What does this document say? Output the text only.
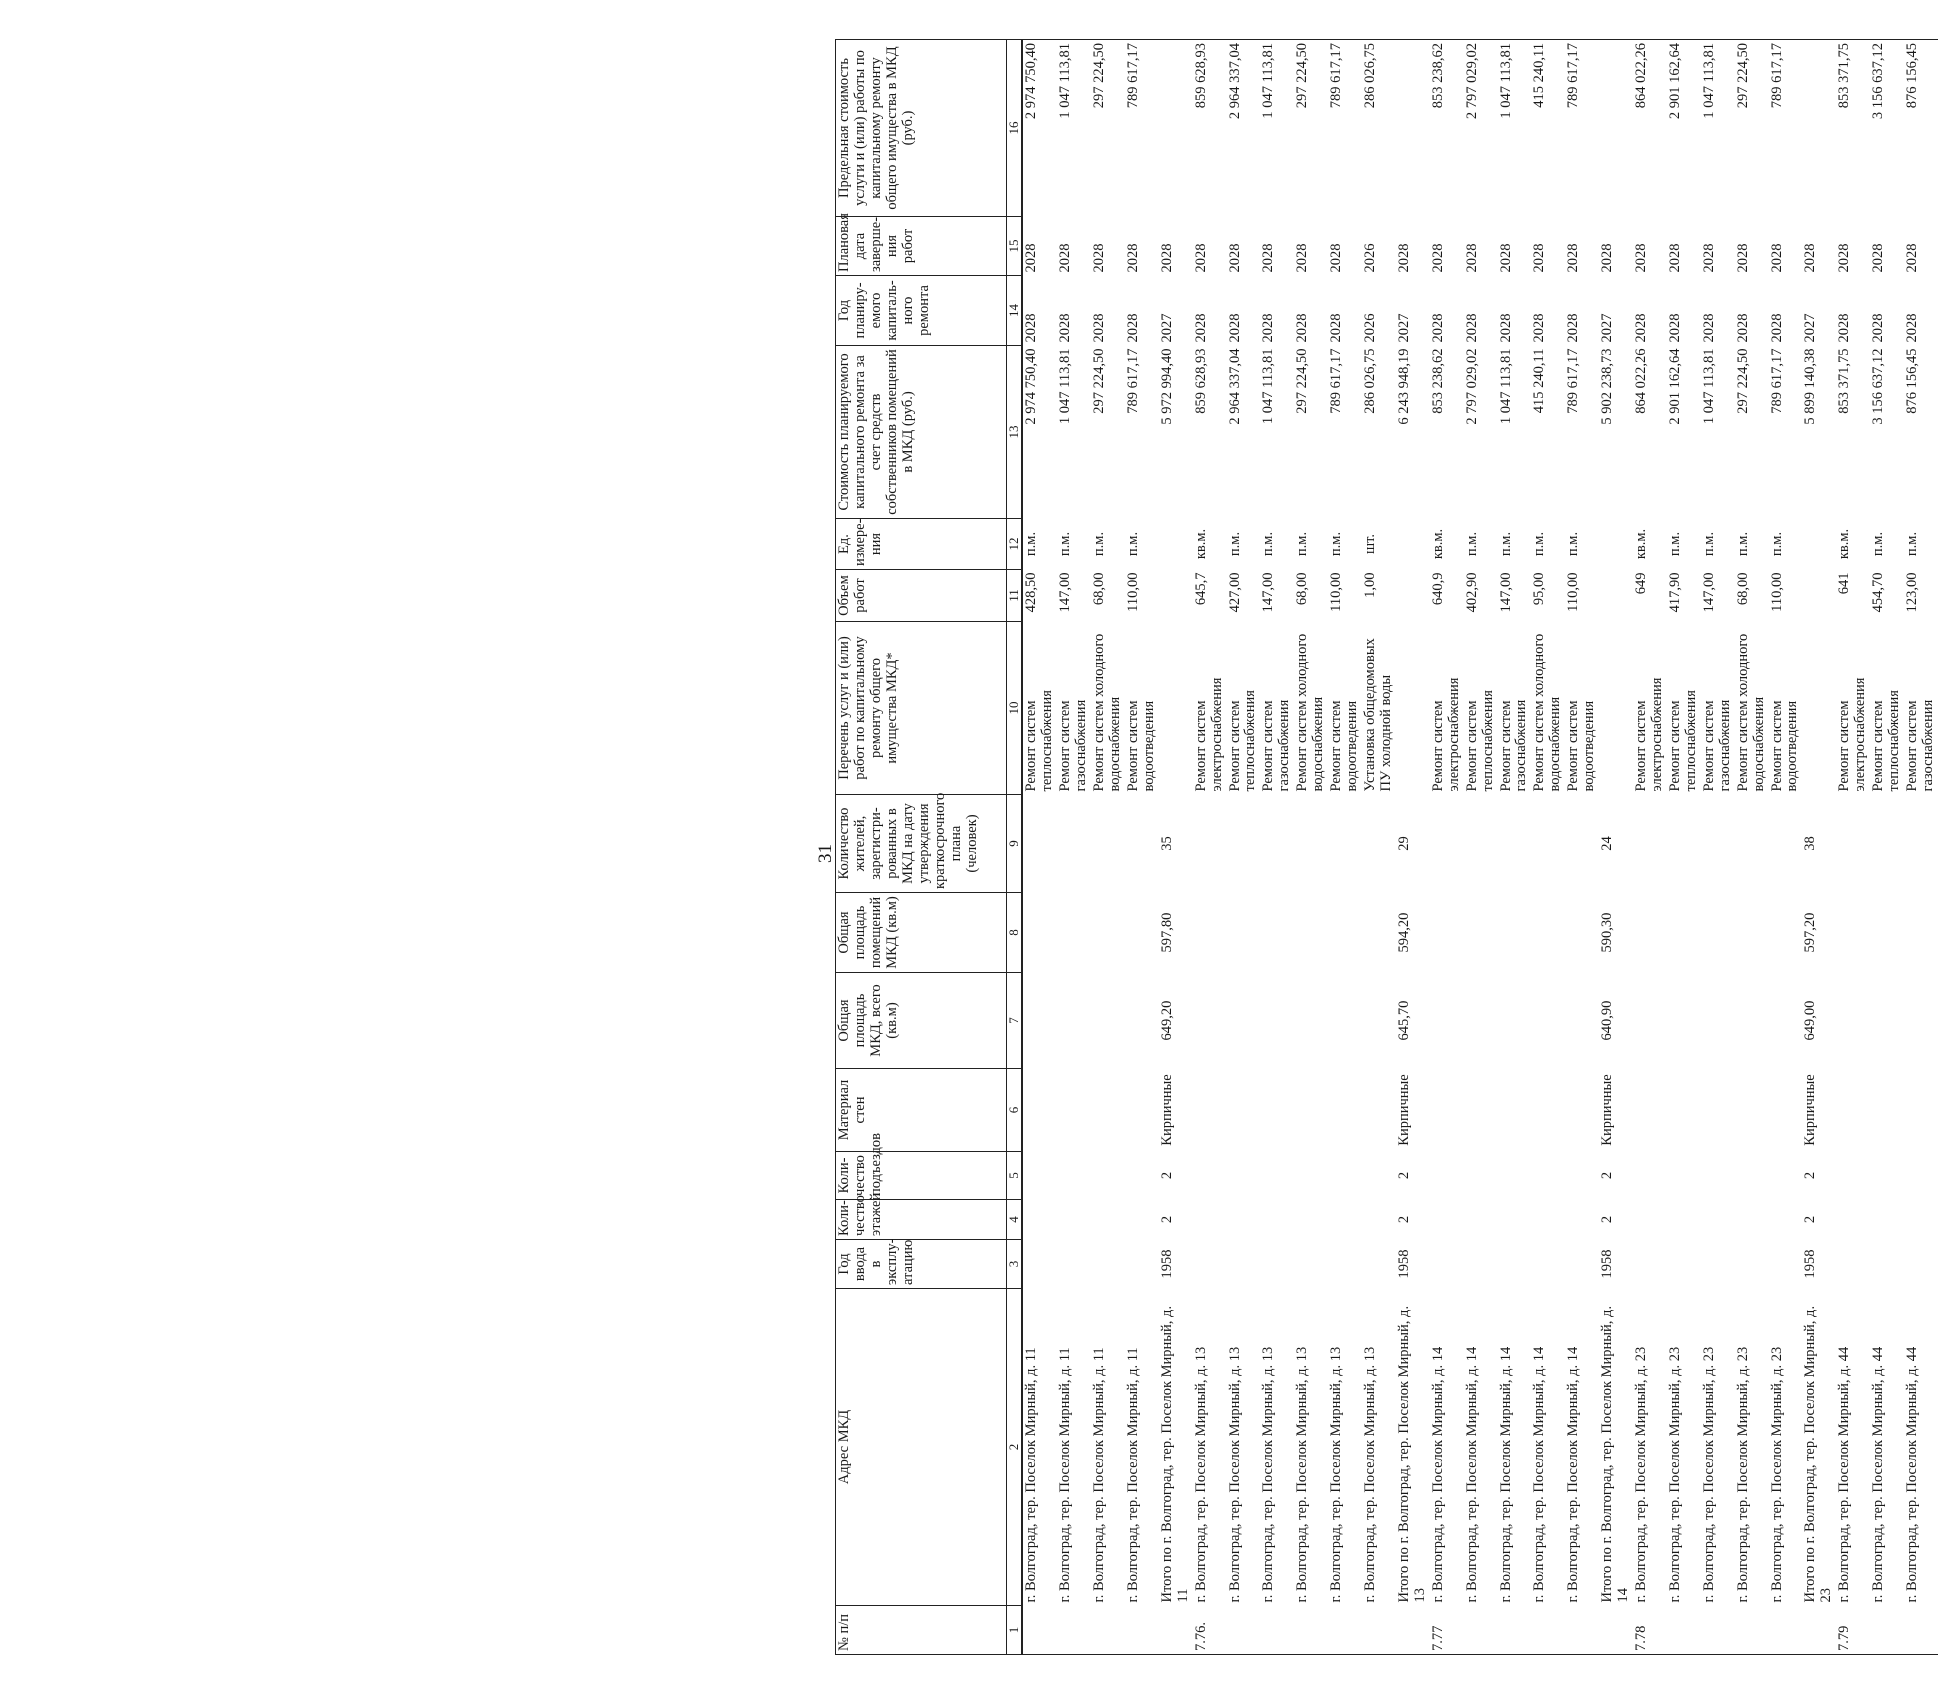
31
№ п/п	Адрес МКД	Год ввода в эксплу-атацию	Коли-чество этажей	Коли-чество подъездов	Материал стен	Общая площадь МКД, всего (кв.м)	Общая площадь помещений МКД (кв.м)	Количество жителей, зарегистри-рованных в МКД на дату утверждения краткосрочного плана (человек)	Перечень услуг и (или) работ по капитальному ремонту общего имущества МКД*	Объем работ	Ед. измере-ния	Стоимость планируемого капитального ремонта за счет средств собственников помещений в МКД (руб.)	Год планиру-емого капиталь-ного ремонта	Плановая дата заверше-ния работ	Предельная стоимость услуги и (или) работы по капитальному ремонту общего имущества в МКД (руб.)
1	2	3	4	5	6	7	8	9	10	11	12	13	14	15	16
	г. Волгоград, тер. Поселок Мирный, д. 11								Ремонт систем теплоснабжения	428,50	п.м.	2 974 750,40	2028	2028	2 974 750,40
	г. Волгоград, тер. Поселок Мирный, д. 11								Ремонт систем газоснабжения	147,00	п.м.	1 047 113,81	2028	2028	1 047 113,81
	г. Волгоград, тер. Поселок Мирный, д. 11								Ремонт систем холодного водоснабжения	68,00	п.м.	297 224,50	2028	2028	297 224,50
	г. Волгоград, тер. Поселок Мирный, д. 11								Ремонт систем водоотведения	110,00	п.м.	789 617,17	2028	2028	789 617,17
	Итого по г. Волгоград, тер. Поселок Мирный, д. 11	1958	2	2	Кирпичные	649,20	597,80	35				5 972 994,40	2027	2028	
7.76.	г. Волгоград, тер. Поселок Мирный, д. 13								Ремонт систем электроснабжения	645,7	кв.м.	859 628,93	2028	2028	859 628,93
	г. Волгоград, тер. Поселок Мирный, д. 13								Ремонт систем теплоснабжения	427,00	п.м.	2 964 337,04	2028	2028	2 964 337,04
	г. Волгоград, тер. Поселок Мирный, д. 13								Ремонт систем газоснабжения	147,00	п.м.	1 047 113,81	2028	2028	1 047 113,81
	г. Волгоград, тер. Поселок Мирный, д. 13								Ремонт систем холодного водоснабжения	68,00	п.м.	297 224,50	2028	2028	297 224,50
	г. Волгоград, тер. Поселок Мирный, д. 13								Ремонт систем водоотведения	110,00	п.м.	789 617,17	2028	2028	789 617,17
	г. Волгоград, тер. Поселок Мирный, д. 13								Установка общедомовых ПУ холодной воды	1,00	шт.	286 026,75	2026	2026	286 026,75
	Итого по г. Волгоград, тер. Поселок Мирный, д. 13	1958	2	2	Кирпичные	645,70	594,20	29				6 243 948,19	2027	2028	
7.77	г. Волгоград, тер. Поселок Мирный, д. 14								Ремонт систем электроснабжения	640,9	кв.м.	853 238,62	2028	2028	853 238,62
	г. Волгоград, тер. Поселок Мирный, д. 14								Ремонт систем теплоснабжения	402,90	п.м.	2 797 029,02	2028	2028	2 797 029,02
	г. Волгоград, тер. Поселок Мирный, д. 14								Ремонт систем газоснабжения	147,00	п.м.	1 047 113,81	2028	2028	1 047 113,81
	г. Волгоград, тер. Поселок Мирный, д. 14								Ремонт систем холодного водоснабжения	95,00	п.м.	415 240,11	2028	2028	415 240,11
	г. Волгоград, тер. Поселок Мирный, д. 14								Ремонт систем водоотведения	110,00	п.м.	789 617,17	2028	2028	789 617,17
	Итого по г. Волгоград, тер. Поселок Мирный, д. 14	1958	2	2	Кирпичные	640,90	590,30	24				5 902 238,73	2027	2028	
7.78	г. Волгоград, тер. Поселок Мирный, д. 23								Ремонт систем электроснабжения	649	кв.м.	864 022,26	2028	2028	864 022,26
	г. Волгоград, тер. Поселок Мирный, д. 23								Ремонт систем теплоснабжения	417,90	п.м.	2 901 162,64	2028	2028	2 901 162,64
	г. Волгоград, тер. Поселок Мирный, д. 23								Ремонт систем газоснабжения	147,00	п.м.	1 047 113,81	2028	2028	1 047 113,81
	г. Волгоград, тер. Поселок Мирный, д. 23								Ремонт систем холодного водоснабжения	68,00	п.м.	297 224,50	2028	2028	297 224,50
	г. Волгоград, тер. Поселок Мирный, д. 23								Ремонт систем водоотведения	110,00	п.м.	789 617,17	2028	2028	789 617,17
	Итого по г. Волгоград, тер. Поселок Мирный, д. 23	1958	2	2	Кирпичные	649,00	597,20	38				5 899 140,38	2027	2028	
7.79	г. Волгоград, тер. Поселок Мирный, д. 44								Ремонт систем электроснабжения	641	кв.м.	853 371,75	2028	2028	853 371,75
	г. Волгоград, тер. Поселок Мирный, д. 44								Ремонт систем теплоснабжения	454,70	п.м.	3 156 637,12	2028	2028	3 156 637,12
	г. Волгоград, тер. Поселок Мирный, д. 44								Ремонт систем газоснабжения	123,00	п.м.	876 156,45	2028	2028	876 156,45
